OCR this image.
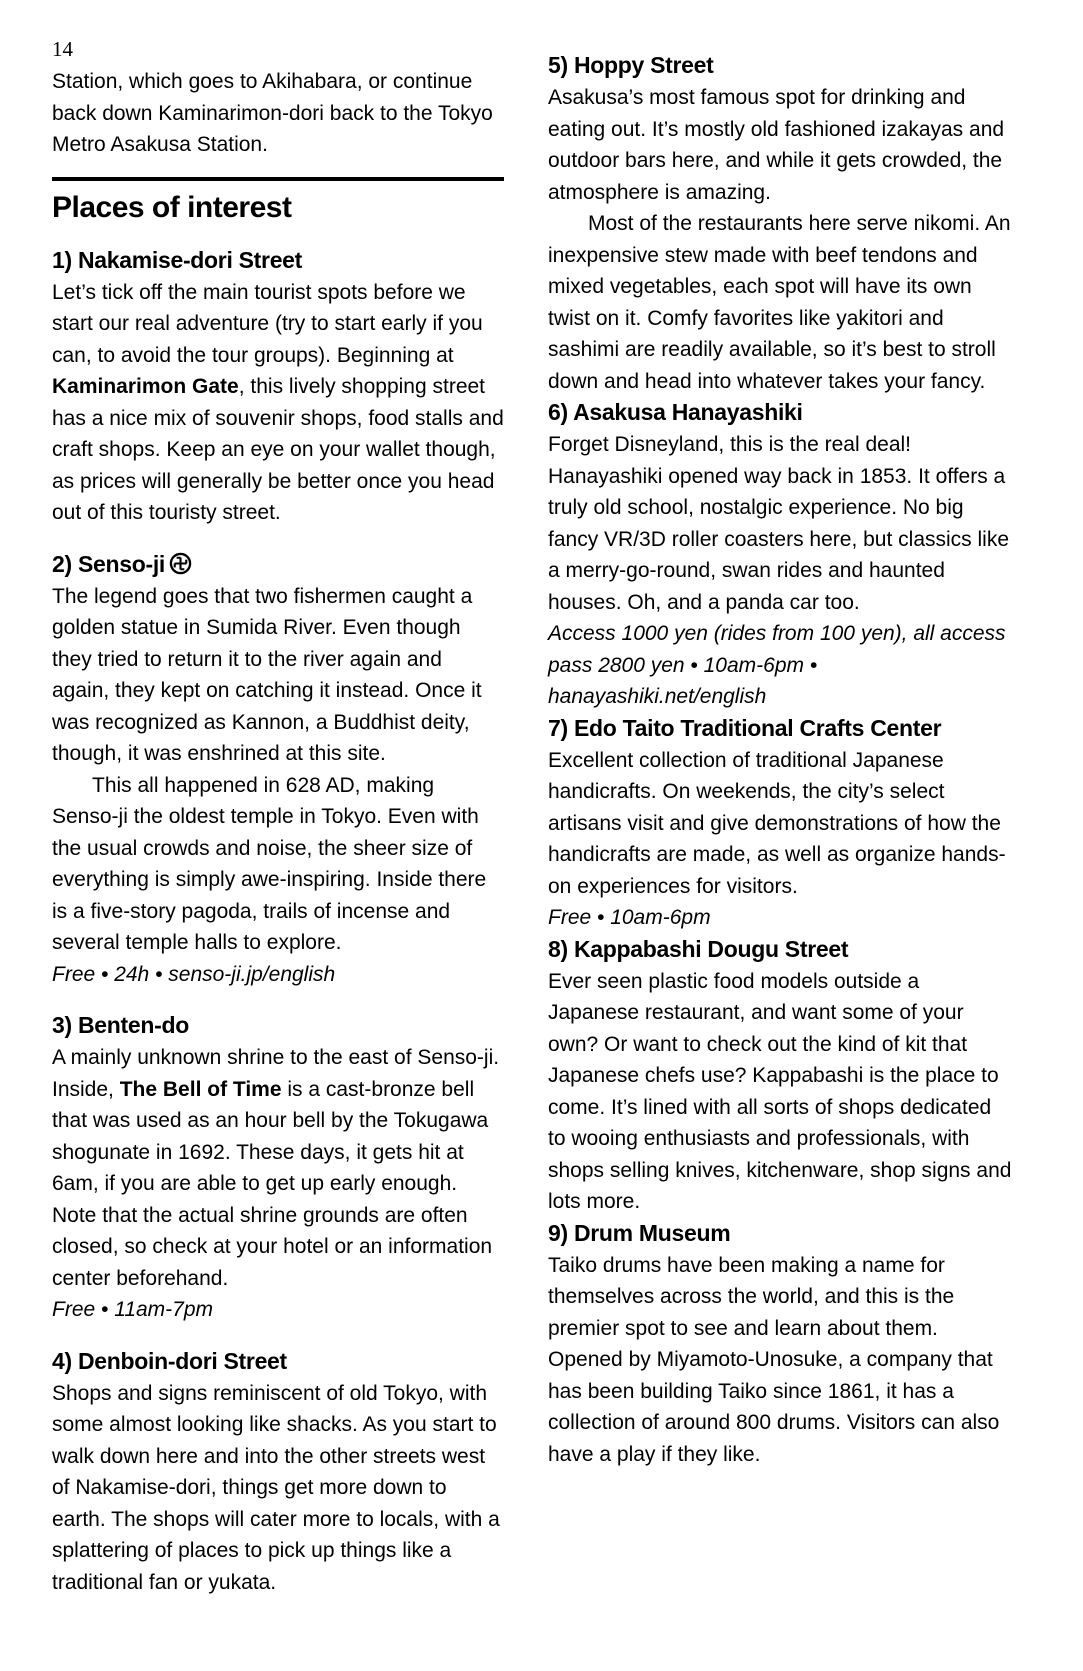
14

Station, which goes to Akihabara, or continue back down Kaminarimon-dori back to the Tokyo Metro Asakusa Station.

Places of interest
1) Nakamise-dori Street

Let’s tick off the main tourist spots before we start our real adventure (try to start early if you can, to avoid the tour groups). Beginning at Kaminarimon Gate, this lively shopping street has a nice mix of souvenir shops, food stalls and craft shops. Keep an eye on your wallet though, as prices will generally be better once you head out of this touristy street.

2) Senso-ji

The legend goes that two fishermen caught a golden statue in Sumida River. Even though they tried to return it to the river again and again, they kept on catching it instead. Once it was recognized as Kannon, a Buddhist deity, though, it was enshrined at this site.

This all happened in 628 AD, making Senso-ji the oldest temple in Tokyo. Even with the usual crowds and noise, the sheer size of everything is simply awe-inspiring. Inside there is a five-story pagoda, trails of incense and several temple halls to explore.

Free • 24h • senso-ji.jp/english

3) Benten-do

A mainly unknown shrine to the east of Senso-ji. Inside, The Bell of Time is a cast-bronze bell that was used as an hour bell by the Tokugawa shogunate in 1692. These days, it gets hit at 6am, if you are able to get up early enough. Note that the actual shrine grounds are often closed, so check at your hotel or an information center beforehand.

Free • 11am-7pm

4) Denboin-dori Street

Shops and signs reminiscent of old Tokyo, with some almost looking like shacks. As you start to walk down here and into the other streets west of Nakamise-dori, things get more down to earth. The shops will cater more to locals, with a splattering of places to pick up things like a traditional fan or yukata.

5) Hoppy Street

Asakusa’s most famous spot for drinking and eating out. It’s mostly old fashioned izakayas and outdoor bars here, and while it gets crowded, the atmosphere is amazing.

Most of the restaurants here serve nikomi. An inexpensive stew made with beef tendons and mixed vegetables, each spot will have its own twist on it. Comfy favorites like yakitori and sashimi are readily available, so it’s best to stroll down and head into whatever takes your fancy.

6) Asakusa Hanayashiki

Forget Disneyland, this is the real deal! Hanayashiki opened way back in 1853. It offers a truly old school, nostalgic experience. No big fancy VR/3D roller coasters here, but classics like a merry-go-round, swan rides and haunted houses. Oh, and a panda car too.

Access 1000 yen (rides from 100 yen), all access pass 2800 yen • 10am-6pm • hanayashiki.net/english

7) Edo Taito Traditional Crafts Center

Excellent collection of traditional Japanese handicrafts. On weekends, the city’s select artisans visit and give demonstrations of how the handicrafts are made, as well as organize hands-on experiences for visitors.

Free • 10am-6pm

8) Kappabashi Dougu Street

Ever seen plastic food models outside a Japanese restaurant, and want some of your own? Or want to check out the kind of kit that Japanese chefs use? Kappabashi is the place to come. It’s lined with all sorts of shops dedicated to wooing enthusiasts and professionals, with shops selling knives, kitchenware, shop signs and lots more.

9) Drum Museum

Taiko drums have been making a name for themselves across the world, and this is the premier spot to see and learn about them. Opened by Miyamoto-Unosuke, a company that has been building Taiko since 1861, it has a collection of around 800 drums. Visitors can also have a play if they like.
